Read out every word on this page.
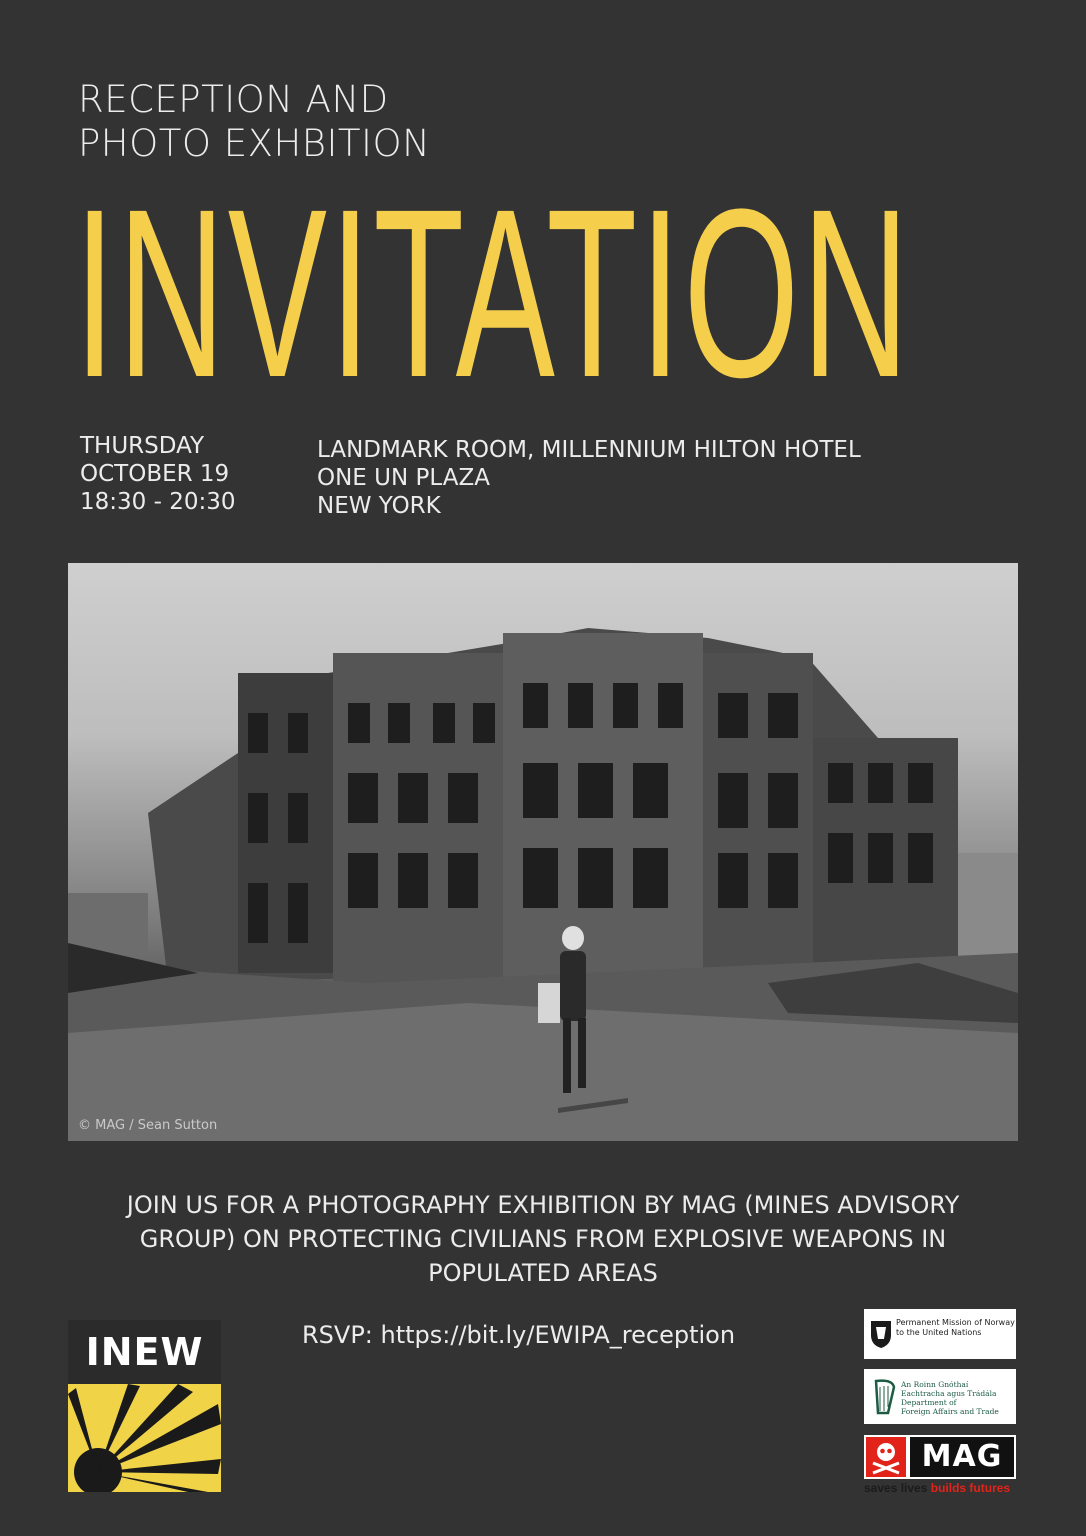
RECEPTION AND
PHOTO EXHBITION
INVITATION
THURSDAY
OCTOBER 19
18:30 - 20:30
LANDMARK ROOM, MILLENNIUM HILTON HOTEL
ONE UN PLAZA
NEW YORK
© MAG / Sean Sutton
JOIN US FOR A PHOTOGRAPHY EXHIBITION BY MAG (MINES ADVISORY
GROUP) ON PROTECTING CIVILIANS FROM EXPLOSIVE WEAPONS IN
POPULATED AREAS
RSVP: https://bit.ly/EWIPA_reception
INEW
Permanent Mission of Norway
to the United Nations
An Roinn Gnóthaí
Eachtracha agus Trádála
Department of
Foreign Affairs and Trade
MAG
saves lives builds futures
